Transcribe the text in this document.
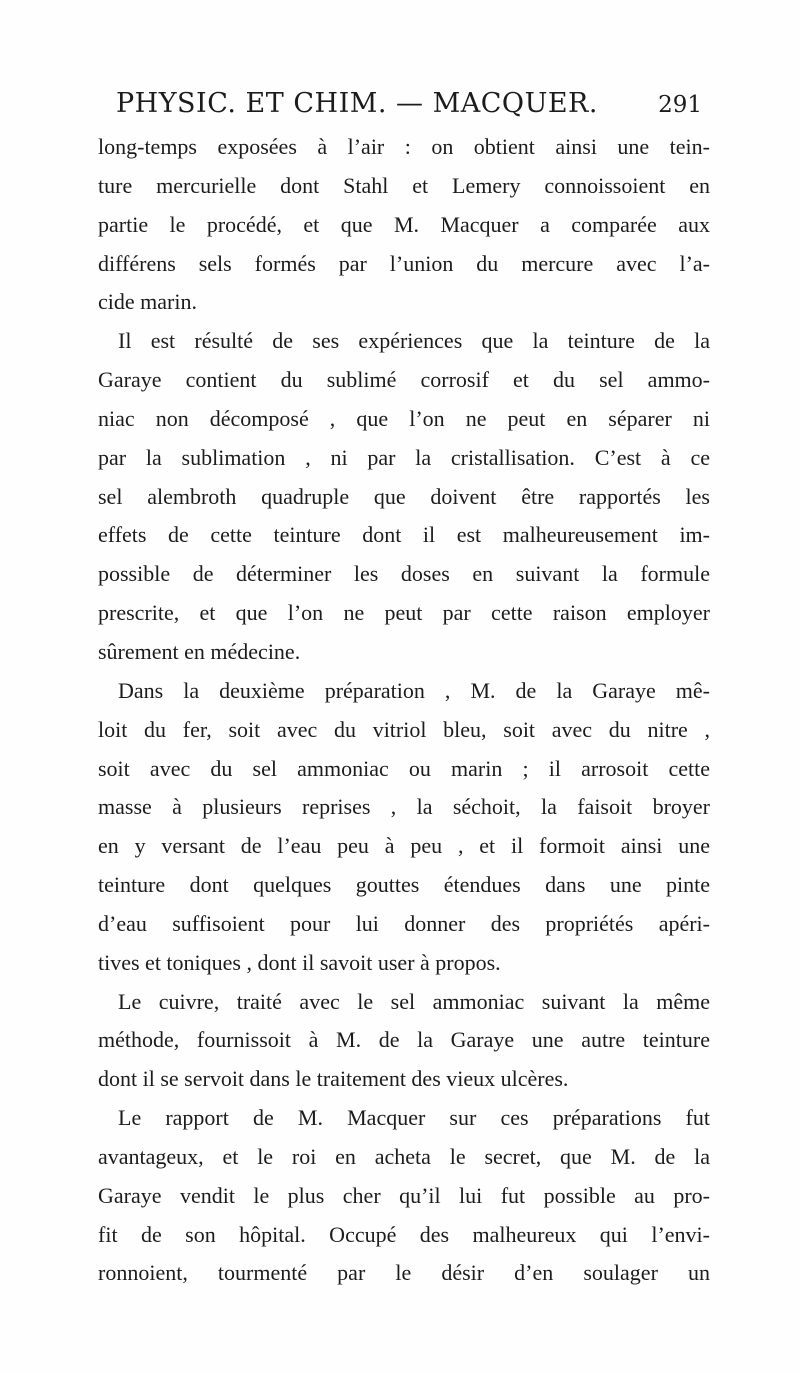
PHYSIC. ET CHIM. — MACQUER.	291
long-temps exposées à l’air : on obtient ainsi une tein-
ture mercurielle dont Stahl et Lemery connoissoient en
partie le procédé, et que M. Macquer a comparée aux
différens sels formés par l’union du mercure avec l’a-
cide marin.
Il est résulté de ses expériences que la teinture de la
Garaye contient du sublimé corrosif et du sel ammo-
niac non décomposé , que l’on ne peut en séparer ni
par la sublimation , ni par la cristallisation. C’est à ce
sel alembroth quadruple que doivent être rapportés les
effets de cette teinture dont il est malheureusement im-
possible de déterminer les doses en suivant la formule
prescrite, et que l’on ne peut par cette raison employer
sûrement en médecine.
Dans la deuxième préparation , M. de la Garaye mê-
loit du fer, soit avec du vitriol bleu, soit avec du nitre ,
soit avec du sel ammoniac ou marin ; il arrosoit cette
masse à plusieurs reprises , la séchoit, la faisoit broyer
en y versant de l’eau peu à peu , et il formoit ainsi une
teinture dont quelques gouttes étendues dans une pinte
d’eau suffisoient pour lui donner des propriétés apéri-
tives et toniques , dont il savoit user à propos.
Le cuivre, traité avec le sel ammoniac suivant la même
méthode, fournissoit à M. de la Garaye une autre teinture
dont il se servoit dans le traitement des vieux ulcères.
Le rapport de M. Macquer sur ces préparations fut
avantageux, et le roi en acheta le secret, que M. de la
Garaye vendit le plus cher qu’il lui fut possible au pro-
fit de son hôpital. Occupé des malheureux qui l’envi-
ronnoient, tourmenté par le désir d’en soulager un
